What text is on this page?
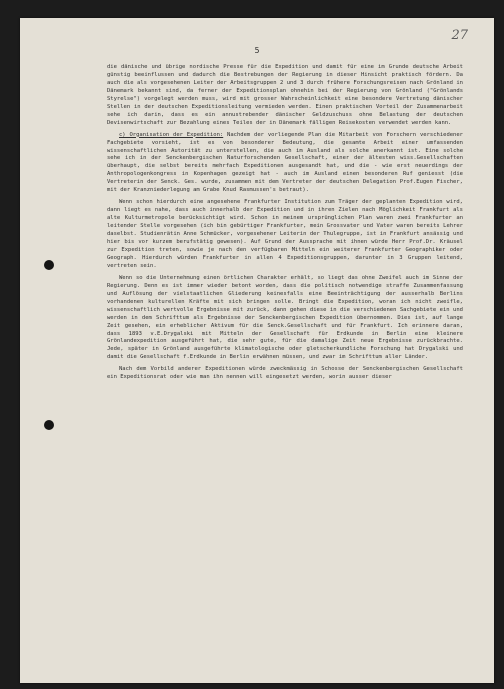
27
5

die dänische und übrige nordische Presse für die Expedition und damit für eine im Grunde deutsche Arbeit günstig beeinflussen und dadurch die Bestrebungen der Regierung in dieser Hinsicht praktisch fördern. Da auch die als vorgesehenen Leiter der Arbeitsgruppen 2 und 3 durch frühere Forschungsreisen nach Grönland in Dänemark bekannt sind, da ferner der Expeditionsplan ohnehin bei der Regierung von Grönland ("Grönlands Styrelse") vorgelegt werden muss, wird mit grosser Wahrscheinlichkeit eine besondere Vertretung dänischer Stellen in der deutschen Expeditionsleitung vermieden werden. Einen praktischen Vorteil der Zusammenarbeit sehe ich darin, dass es ein annustrebender dänischer Geldzuschuss ohne Belastung der deutschen Devisenwirtschaft zur Bezahlung eines Teiles der in Dänemark fälligen Reisekosten verwendet werden kann.

c) Organisation der Expedition: Nachdem der vorliegende Plan die Mitarbeit von Forschern verschiedener Fachgebiete vorsieht, ist es von besonderer Bedeutung, die gesamte Arbeit einer umfassenden wissenschaftlichen Autorität zu unterstellen, die auch im Ausland als solche anerkannt ist. Eine solche sehe ich in der Senckenbergischen Naturforschenden Gesellschaft, einer der ältesten wiss.Gesellschaften überhaupt, die selbst bereits mehrfach Expeditionen ausgesandt hat, und die - wie erst neuerdings der Anthropologenkongress in Kopenhagen gezeigt hat - auch im Ausland einen besonderen Ruf geniesst (die Vertreterin der Senck. Ges. wurde, zusammen mit dem Vertreter der deutschen Delegation Prof.Eugen Fischer, mit der Kranzniederlegung am Grabe Knud Rasmussen's betraut).

Wenn schon hierdurch eine angesehene Frankfurter Institution zum Träger der geplanten Expedition wird, dann liegt es nahe, dass auch innerhalb der Expedition und in ihren Zielen nach Möglichkeit Frankfurt als alte Kulturmetropole berücksichtigt wird. Schon in meinem ursprünglichen Plan waren zwei Frankfurter an leitender Stelle vorgesehen (ich bin gebürtiger Frankfurter, mein Grossvater und Vater waren bereits Lehrer daselbst. Studienrätin Anne Schmücker, vorgesehener Leiterin der Thulegruppe, ist in Frankfurt ansässig und hier bis vor kurzem berufstätig gewesen). Auf Grund der Aussprache mit ihnen würde Herr Prof.Dr. Kräusel zur Expedition treten, sowie je nach den verfügbaren Mitteln ein weiterer Frankfurter Geographiker oder Geograph. Hierdurch würden Frankfurter in allen 4 Expeditionsgruppen, darunter in 3 Gruppen leitend, vertreten sein.

Wenn so die Unternehmung einen örtlichen Charakter erhält, so liegt das ohne Zweifel auch im Sinne der Regierung. Denn es ist immer wieder betont worden, dass die politisch notwendige straffe Zusammenfassung und Auflösung der vielstaatlichen Gliederung keinesfalls eine Beeinträchtigung der ausserhalb Berlins vorhandenen kulturellen Kräfte mit sich bringen solle. Bringt die Expedition, woran ich nicht zweifle, wissenschaftlich wertvolle Ergebnisse mit zurück, dann gehen diese in die verschiedenen Sachgebiete ein und werden in dem Schrifttum als Ergebnisse der Senckenbergischen Expedition übernommen. Dies ist, auf lange Zeit gesehen, ein erheblicher Aktivum für die Senck.Gesellschaft und für Frankfurt. Ich erinnere daran, dass 1893 v.E.Drygalski mit Mitteln der Gesellschaft für Erdkunde in Berlin eine kleinere Grönlandexpedition ausgeführt hat, die sehr gute, für die damalige Zeit neue Ergebnisse zurückbrachte. Jede, später in Grönland ausgeführte klimatologische oder gletscherkundliche Forschung hat Drygalski und damit die Gesellschaft f.Erdkunde in Berlin erwähnen müssen, und zwar im Schrifttum aller Länder.

Nach dem Vorbild anderer Expeditionen würde zweckmässig in Schosse der Senckenbergischen Gesellschaft ein Expeditionsrat oder wie man ihn nennen will eingesetzt werden, worin ausser dieser
